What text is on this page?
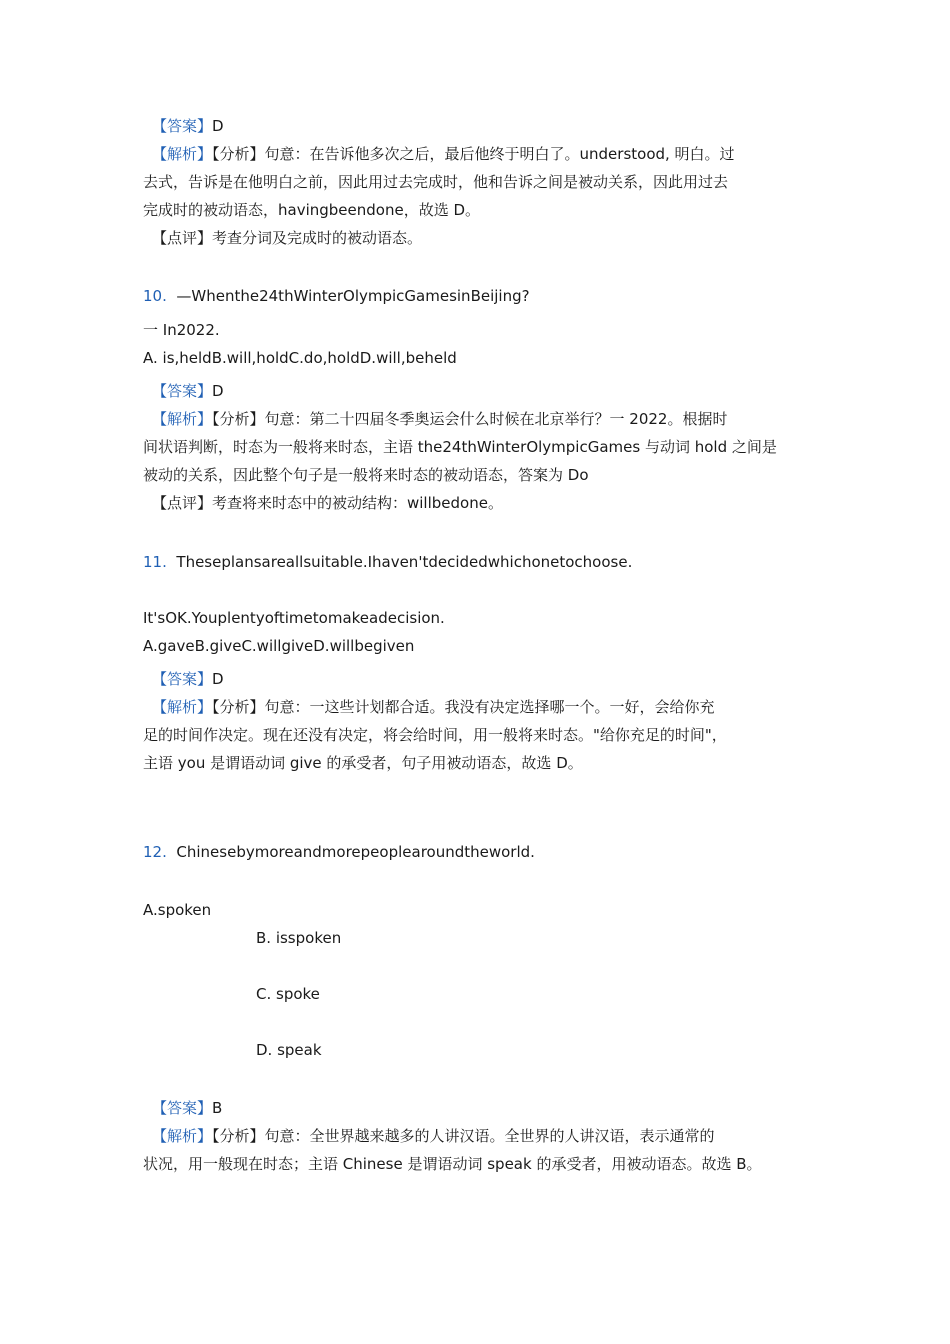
【答案】D
【解析】【分析】句意：在告诉他多次之后，最后他终于明白了。understood, 明白。过
去式，告诉是在他明白之前，因此用过去完成时，他和告诉之间是被动关系，因此用过去
完成时的被动语态，havingbeendone，故选 D。
【点评】考查分词及完成时的被动语态。
10. —Whenthe24thWinterOlympicGamesinBeijing?
一 In2022.
A. is,heldB.will,holdC.do,holdD.will,beheld
【答案】D
【解析】【分析】句意：第二十四届冬季奥运会什么时候在北京举行？一 2022。根据时
间状语判断，时态为一般将来时态，主语 the24thWinterOlympicGames 与动词 hold 之间是
被动的关系，因此整个句子是一般将来时态的被动语态，答案为 Do
【点评】考查将来时态中的被动结构：willbedone。
11. Theseplansareallsuitable.Ihaven'tdecidedwhichonetochoose.
It'sOK.Youplentyoftimetomakeadecision.
A.gaveB.giveC.willgiveD.willbegiven
【答案】D
【解析】【分析】句意：一这些计划都合适。我没有决定选择哪一个。一好，会给你充
足的时间作决定。现在还没有决定，将会给时间，用一般将来时态。"给你充足的时间"，
主语 you 是谓语动词 give 的承受者，句子用被动语态，故选 D。
12. Chinesebymoreandmorepeoplearoundtheworld.
A.spoken
B. isspoken
C. spoke
D. speak
【答案】B
【解析】【分析】句意：全世界越来越多的人讲汉语。全世界的人讲汉语，表示通常的
状况，用一般现在时态；主语 Chinese 是谓语动词 speak 的承受者，用被动语态。故选 B。
